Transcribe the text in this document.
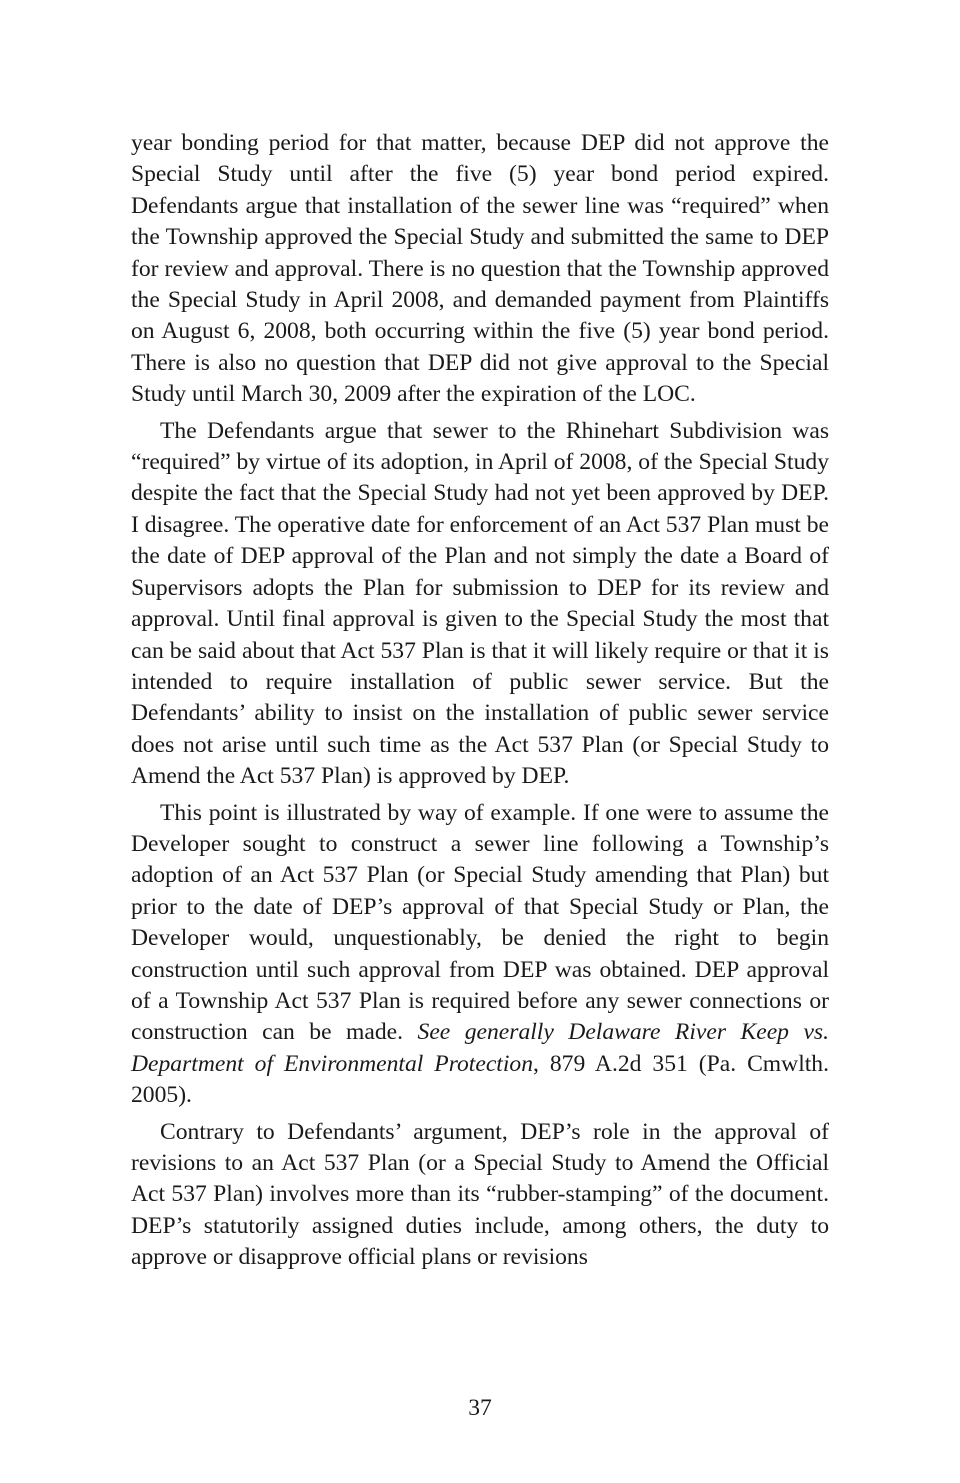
year bonding period for that matter, because DEP did not approve the Special Study until after the five (5) year bond period expired. Defendants argue that installation of the sewer line was “required” when the Township approved the Special Study and submitted the same to DEP for review and approval. There is no question that the Township approved the Special Study in April 2008, and demanded payment from Plaintiffs on August 6, 2008, both occurring within the five (5) year bond period. There is also no question that DEP did not give approval to the Special Study until March 30, 2009 after the expiration of the LOC.

The Defendants argue that sewer to the Rhinehart Subdivision was “required” by virtue of its adoption, in April of 2008, of the Special Study despite the fact that the Special Study had not yet been approved by DEP. I disagree. The operative date for enforcement of an Act 537 Plan must be the date of DEP approval of the Plan and not simply the date a Board of Supervisors adopts the Plan for submission to DEP for its review and approval. Until final approval is given to the Special Study the most that can be said about that Act 537 Plan is that it will likely require or that it is intended to require installation of public sewer service. But the Defendants’ ability to insist on the installation of public sewer service does not arise until such time as the Act 537 Plan (or Special Study to Amend the Act 537 Plan) is approved by DEP.

This point is illustrated by way of example. If one were to assume the Developer sought to construct a sewer line following a Township’s adoption of an Act 537 Plan (or Special Study amending that Plan) but prior to the date of DEP’s approval of that Special Study or Plan, the Developer would, unquestionably, be denied the right to begin construction until such approval from DEP was obtained. DEP approval of a Township Act 537 Plan is required before any sewer connections or construction can be made. See generally Delaware River Keep vs. Department of Environmental Protection, 879 A.2d 351 (Pa. Cmwlth. 2005).

Contrary to Defendants’ argument, DEP’s role in the approval of revisions to an Act 537 Plan (or a Special Study to Amend the Official Act 537 Plan) involves more than its “rubber-stamping” of the document. DEP’s statutorily assigned duties include, among others, the duty to approve or disapprove official plans or revisions

37
